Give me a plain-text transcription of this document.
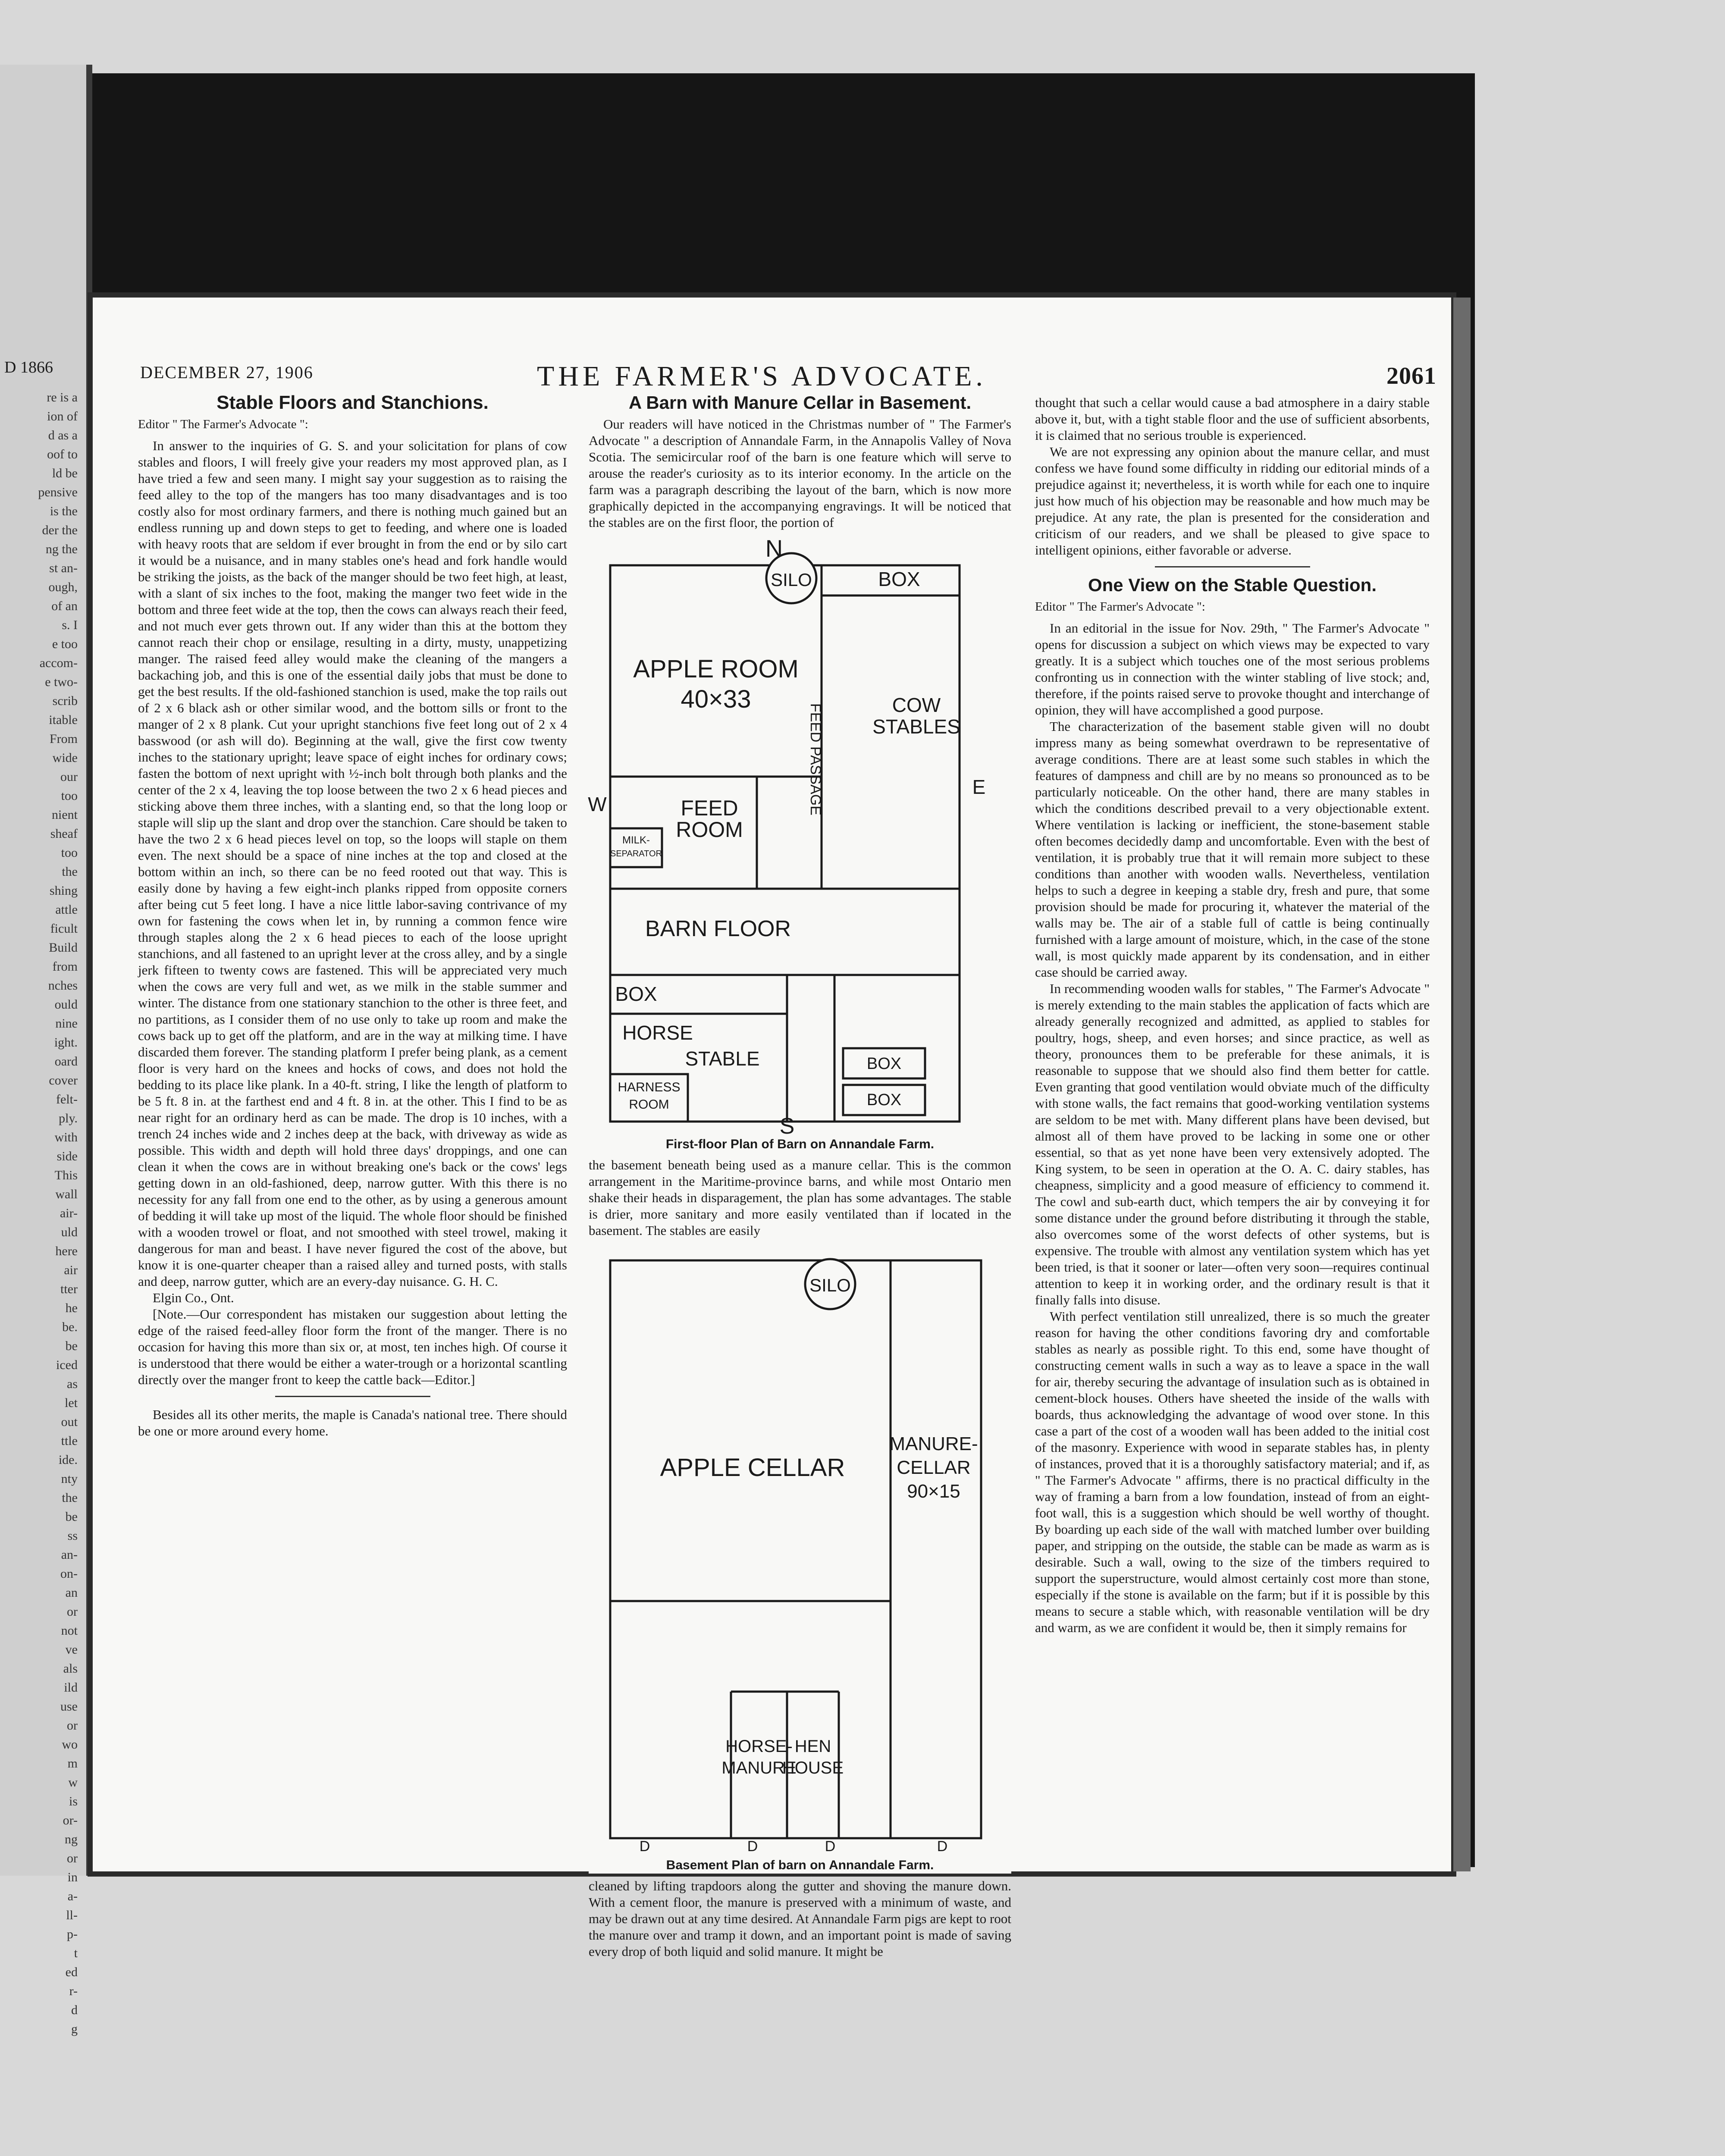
D 1866
re is a
ion of
d as a
oof to
ld be
pensive
is the
der the
ng the
st an-
ough,
of an
s. I
e too
accom-
e two-
scrib
itable
From
wide
our
too
nient
sheaf
too
the
shing
attle
ficult
Build
from
nches
ould
nine
ight.
oard
cover
felt-
ply.
with
side
This
wall
air-
uld
here
air
tter
he
be.
be
iced
as
let
out
ttle
ide.
nty
the
be
ss
an-
on-
an
or
not
ve
als
ild
use
or
wo
m
w
is
or-
ng
or
in
a-
ll-
p-
t
ed
r-
d
g
DECEMBER 27, 1906	THE FARMER'S ADVOCATE.	2061
Stable Floors and Stanchions.

Editor " The Farmer's Advocate ":

In answer to the inquiries of G. S. and your solicitation for plans of cow stables and floors, I will freely give your readers my most approved plan, as I have tried a few and seen many. I might say your suggestion as to raising the feed alley to the top of the mangers has too many disadvantages and is too costly also for most ordinary farmers, and there is nothing much gained but an endless running up and down steps to get to feeding, and where one is loaded with heavy roots that are seldom if ever brought in from the end or by silo cart it would be a nuisance, and in many stables one's head and fork handle would be striking the joists, as the back of the manger should be two feet high, at least, with a slant of six inches to the foot, making the manger two feet wide in the bottom and three feet wide at the top, then the cows can always reach their feed, and not much ever gets thrown out. If any wider than this at the bottom they cannot reach their chop or ensilage, resulting in a dirty, musty, unappetizing manger. The raised feed alley would make the cleaning of the mangers a backaching job, and this is one of the essential daily jobs that must be done to get the best results. If the old-fashioned stanchion is used, make the top rails out of 2 x 6 black ash or other similar wood, and the bottom sills or front to the manger of 2 x 8 plank. Cut your upright stanchions five feet long out of 2 x 4 basswood (or ash will do). Beginning at the wall, give the first cow twenty inches to the stationary upright; leave space of eight inches for ordinary cows; fasten the bottom of next upright with ½-inch bolt through both planks and the center of the 2 x 4, leaving the top loose between the two 2 x 6 head pieces and sticking above them three inches, with a slanting end, so that the long loop or staple will slip up the slant and drop over the stanchion. Care should be taken to have the two 2 x 6 head pieces level on top, so the loops will staple on them even. The next should be a space of nine inches at the top and closed at the bottom within an inch, so there can be no feed rooted out that way. This is easily done by having a few eight-inch planks ripped from opposite corners after being cut 5 feet long. I have a nice little labor-saving contrivance of my own for fastening the cows when let in, by running a common fence wire through staples along the 2 x 6 head pieces to each of the loose upright stanchions, and all fastened to an upright lever at the cross alley, and by a single jerk fifteen to twenty cows are fastened. This will be appreciated very much when the cows are very full and wet, as we milk in the stable summer and winter. The distance from one stationary stanchion to the other is three feet, and no partitions, as I consider them of no use only to take up room and make the cows back up to get off the platform, and are in the way at milking time. I have discarded them forever. The standing platform I prefer being plank, as a cement floor is very hard on the knees and hocks of cows, and does not hold the bedding to its place like plank. In a 40-ft. string, I like the length of platform to be 5 ft. 8 in. at the farthest end and 4 ft. 8 in. at the other. This I find to be as near right for an ordinary herd as can be made. The drop is 10 inches, with a trench 24 inches wide and 2 inches deep at the back, with driveway as wide as possible. This width and depth will hold three days' droppings, and one can clean it when the cows are in without breaking one's back or the cows' legs getting down in an old-fashioned, deep, narrow gutter. With this there is no necessity for any fall from one end to the other, as by using a generous amount of bedding it will take up most of the liquid. The whole floor should be finished with a wooden trowel or float, and not smoothed with steel trowel, making it dangerous for man and beast. I have never figured the cost of the above, but know it is one-quarter cheaper than a raised alley and turned posts, with stalls and deep, narrow gutter, which are an every-day nuisance. G. H. C.

Elgin Co., Ont.

[Note.—Our correspondent has mistaken our suggestion about letting the edge of the raised feed-alley floor form the front of the manger. There is no occasion for having this more than six or, at most, ten inches high. Of course it is understood that there would be either a water-trough or a horizontal scantling directly over the manger front to keep the cattle back—Editor.]

Besides all its other merits, the maple is Canada's national tree. There should be one or more around every home.

A Barn with Manure Cellar in Basement.

Our readers will have noticed in the Christmas number of " The Farmer's Advocate " a description of Annandale Farm, in the Annapolis Valley of Nova Scotia. The semicircular roof of the barn is one feature which will serve to arouse the reader's curiosity as to its interior economy. In the article on the farm was a paragraph describing the layout of the barn, which is now more graphically depicted in the accompanying engravings. It will be noticed that the stables are on the first floor, the portion of

N
SILO	BOX
APPLE ROOM
40×33	COW
STABLES
FEED
ROOM
MILK-
SEPARATOR
FEED PASSAGE
BARN FLOOR
BOX
HORSE
STABLE
HARNESS
ROOM
BOX
BOX
W
E
S
First-floor Plan of Barn on Annandale Farm.

the basement beneath being used as a manure cellar. This is the common arrangement in the Maritime-province barns, and while most Ontario men shake their heads in disparagement, the plan has some advantages. The stable is drier, more sanitary and more easily ventilated than if located in the basement. The stables are easily

SILO
APPLE CELLAR
MANURE-
CELLAR
90×15
HORSE-
MANURE
HEN
HOUSE
D	D	D	D
Basement Plan of barn on Annandale Farm.

cleaned by lifting trapdoors along the gutter and shoving the manure down. With a cement floor, the manure is preserved with a minimum of waste, and may be drawn out at any time desired. At Annandale Farm pigs are kept to root the manure over and tramp it down, and an important point is made of saving every drop of both liquid and solid manure. It might be

thought that such a cellar would cause a bad atmosphere in a dairy stable above it, but, with a tight stable floor and the use of sufficient absorbents, it is claimed that no serious trouble is experienced.

We are not expressing any opinion about the manure cellar, and must confess we have found some difficulty in ridding our editorial minds of a prejudice against it; nevertheless, it is worth while for each one to inquire just how much of his objection may be reasonable and how much may be prejudice. At any rate, the plan is presented for the consideration and criticism of our readers, and we shall be pleased to give space to intelligent opinions, either favorable or adverse.

One View on the Stable Question.

Editor " The Farmer's Advocate ":

In an editorial in the issue for Nov. 29th, " The Farmer's Advocate " opens for discussion a subject on which views may be expected to vary greatly. It is a subject which touches one of the most serious problems confronting us in connection with the winter stabling of live stock; and, therefore, if the points raised serve to provoke thought and interchange of opinion, they will have accomplished a good purpose.

The characterization of the basement stable given will no doubt impress many as being somewhat overdrawn to be representative of average conditions. There are at least some such stables in which the features of dampness and chill are by no means so pronounced as to be particularly noticeable. On the other hand, there are many stables in which the conditions described prevail to a very objectionable extent. Where ventilation is lacking or inefficient, the stone-basement stable often becomes decidedly damp and uncomfortable. Even with the best of ventilation, it is probably true that it will remain more subject to these conditions than another with wooden walls. Nevertheless, ventilation helps to such a degree in keeping a stable dry, fresh and pure, that some provision should be made for procuring it, whatever the material of the walls may be. The air of a stable full of cattle is being continually furnished with a large amount of moisture, which, in the case of the stone wall, is most quickly made apparent by its condensation, and in either case should be carried away.

In recommending wooden walls for stables, " The Farmer's Advocate " is merely extending to the main stables the application of facts which are already generally recognized and admitted, as applied to stables for poultry, hogs, sheep, and even horses; and since practice, as well as theory, pronounces them to be preferable for these animals, it is reasonable to suppose that we should also find them better for cattle. Even granting that good ventilation would obviate much of the difficulty with stone walls, the fact remains that good-working ventilation systems are seldom to be met with. Many different plans have been devised, but almost all of them have proved to be lacking in some one or other essential, so that as yet none have been very extensively adopted. The King system, to be seen in operation at the O. A. C. dairy stables, has cheapness, simplicity and a good measure of efficiency to commend it. The cowl and sub-earth duct, which tempers the air by conveying it for some distance under the ground before distributing it through the stable, also overcomes some of the worst defects of other systems, but is expensive. The trouble with almost any ventilation system which has yet been tried, is that it sooner or later—often very soon—requires continual attention to keep it in working order, and the ordinary result is that it finally falls into disuse.

With perfect ventilation still unrealized, there is so much the greater reason for having the other conditions favoring dry and comfortable stables as nearly as possible right. To this end, some have thought of constructing cement walls in such a way as to leave a space in the wall for air, thereby securing the advantage of insulation such as is obtained in cement-block houses. Others have sheeted the inside of the walls with boards, thus acknowledging the advantage of wood over stone. In this case a part of the cost of a wooden wall has been added to the initial cost of the masonry. Experience with wood in separate stables has, in plenty of instances, proved that it is a thoroughly satisfactory material; and if, as " The Farmer's Advocate " affirms, there is no practical difficulty in the way of framing a barn from a low foundation, instead of from an eight-foot wall, this is a suggestion which should be well worthy of thought. By boarding up each side of the wall with matched lumber over building paper, and stripping on the outside, the stable can be made as warm as is desirable. Such a wall, owing to the size of the timbers required to support the superstructure, would almost certainly cost more than stone, especially if the stone is available on the farm; but if it is possible by this means to secure a stable which, with reasonable ventilation will be dry and warm, as we are confident it would be, then it simply remains for
